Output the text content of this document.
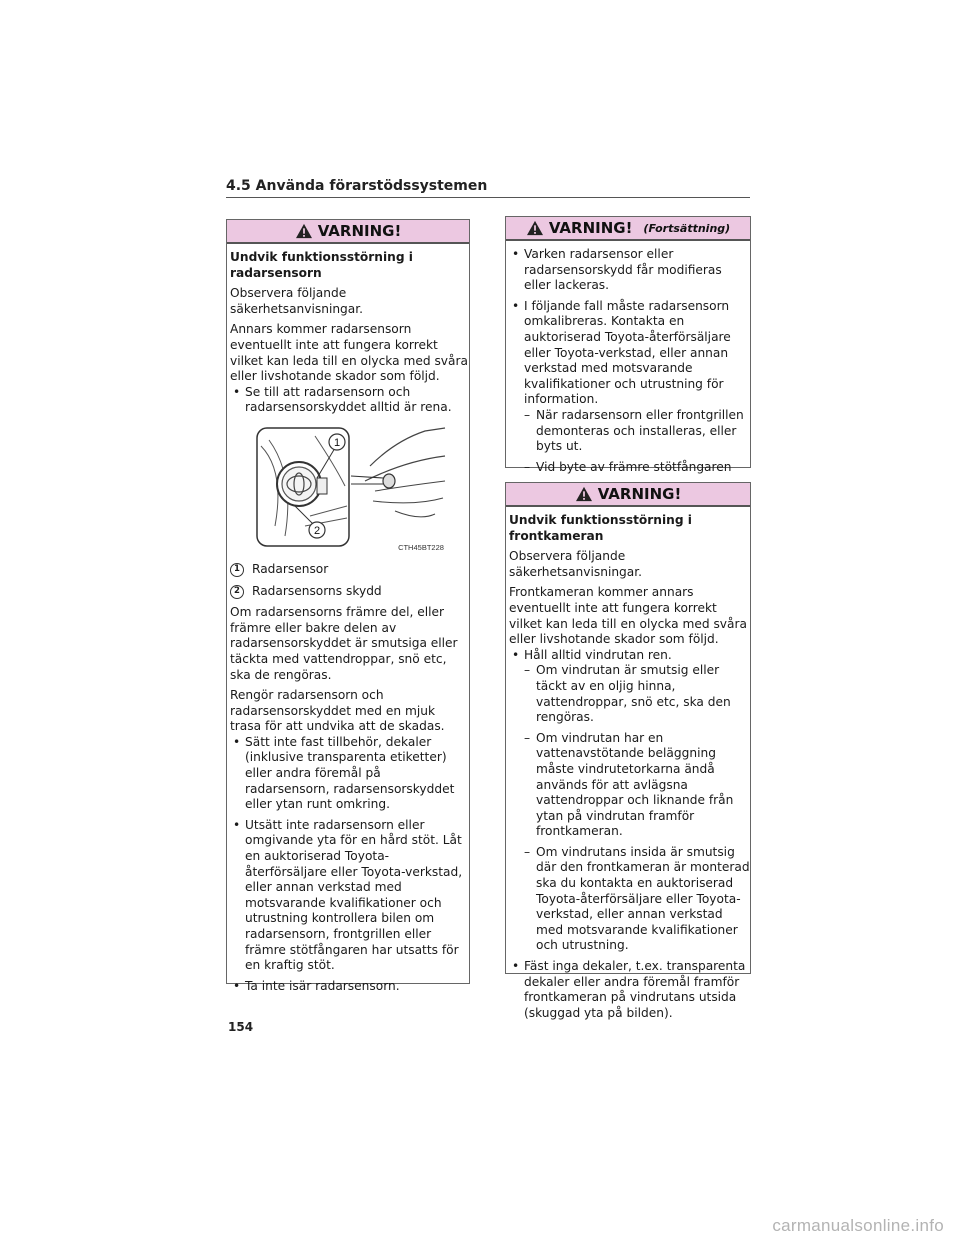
4.5 Använda förarstödssystemen
VARNING!

Undvik funktionsstörning i radarsensorn

Observera följande säkerhetsanvisningar.

Annars kommer radarsensorn eventuellt inte att fungera korrekt vilket kan leda till en olycka med svåra eller livshotande skador som följd.

• Se till att radarsensorn och radarsensorskyddet alltid är rena.

1
2
CTH45BT228
1 Radarsensor
2 Radarsensorns skydd

Om radarsensorns främre del, eller främre eller bakre delen av radarsensorskyddet är smutsiga eller täckta med vattendroppar, snö etc, ska de rengöras.

Rengör radarsensorn och radarsensorskyddet med en mjuk trasa för att undvika att de skadas.

• Sätt inte fast tillbehör, dekaler (inklusive transparenta etiketter) eller andra föremål på radarsensorn, radarsensorskyddet eller ytan runt omkring.

• Utsätt inte radarsensorn eller omgivande yta för en hård stöt. Låt en auktoriserad Toyota-återförsäljare eller Toyota-verkstad, eller annan verkstad med motsvarande kvalifikationer och utrustning kontrollera bilen om radarsensorn, frontgrillen eller främre stötfångaren har utsatts för en kraftig stöt.

• Ta inte isär radarsensorn.

VARNING! (Fortsättning)

• Varken radarsensor eller radarsensorskydd får modifieras eller lackeras.

• I följande fall måste radarsensorn omkalibreras. Kontakta en auktoriserad Toyota-återförsäljare eller Toyota-verkstad, eller annan verkstad med motsvarande kvalifikationer och utrustning för information.

– När radarsensorn eller frontgrillen demonteras och installeras, eller byts ut.

– Vid byte av främre stötfångaren

VARNING!

Undvik funktionsstörning i frontkameran

Observera följande säkerhetsanvisningar.

Frontkameran kommer annars eventuellt inte att fungera korrekt vilket kan leda till en olycka med svåra eller livshotande skador som följd.

• Håll alltid vindrutan ren.

– Om vindrutan är smutsig eller täckt av en oljig hinna, vattendroppar, snö etc, ska den rengöras.

– Om vindrutan har en vattenavstötande beläggning måste vindrutetorkarna ändå används för att avlägsna vattendroppar och liknande från ytan på vindrutan framför frontkameran.

– Om vindrutans insida är smutsig där den frontkameran är monterad ska du kontakta en auktoriserad Toyota-återförsäljare eller Toyota-verkstad, eller annan verkstad med motsvarande kvalifikationer och utrustning.

• Fäst inga dekaler, t.ex. transparenta dekaler eller andra föremål framför frontkameran på vindrutans utsida (skuggad yta på bilden).

154
carmanualsonline.info
